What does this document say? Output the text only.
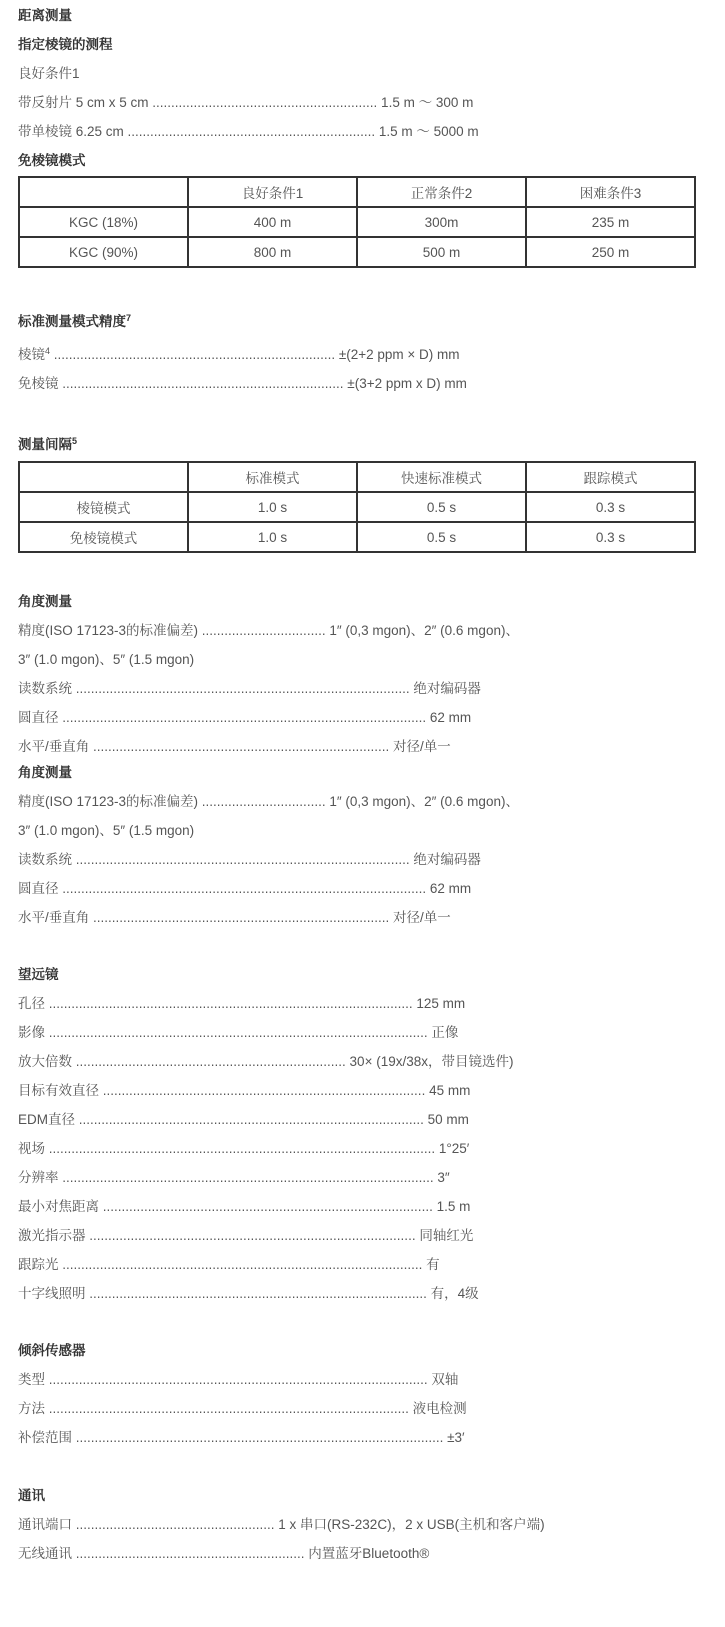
距离测量
指定棱镜的测程
良好条件1
带反射片 5 cm x 5 cm ............................................................ 1.5 m ～ 300 m
带单棱镜 6.25 cm .................................................................. 1.5 m ～ 5000 m
免棱镜模式
	良好条件1	正常条件2	困难条件3
KGC (18%)	400 m	300m	235 m
KGC (90%)	800 m	500 m	250 m
标准测量模式精度$^7$
棱镜$^4$ ........................................................................... ±(2+2 ppm × D) mm
免棱镜 ........................................................................... ±(3+2 ppm x D) mm
测量间隔$^5$
	标准模式	快速标准模式	跟踪模式
棱镜模式	1.0 s	0.5 s	0.3 s
免棱镜模式	1.0 s	0.5 s	0.3 s
角度测量
精度(ISO 17123-3的标准偏差) ................................. 1″ (0,3 mgon)、2″ (0.6 mgon)、
3″ (1.0 mgon)、5″ (1.5 mgon)
读数系统 ......................................................................................... 绝对编码器
圆直径 ................................................................................................. 62 mm
水平/垂直角 ............................................................................... 对径/单一
角度测量
精度(ISO 17123-3的标准偏差) ................................. 1″ (0,3 mgon)、2″ (0.6 mgon)、
3″ (1.0 mgon)、5″ (1.5 mgon)
读数系统 ......................................................................................... 绝对编码器
圆直径 ................................................................................................. 62 mm
水平/垂直角 ............................................................................... 对径/单一
望远镜
孔径 ................................................................................................. 125 mm
影像 ..................................................................................................... 正像
放大倍数 ........................................................................ 30× (19x/38x，带目镜选件)
目标有效直径 ...................................................................................... 45 mm
EDM直径 ............................................................................................ 50 mm
视场 ....................................................................................................... 1°25′
分辨率 ................................................................................................... 3″
最小对焦距离 ........................................................................................ 1.5 m
激光指示器 ....................................................................................... 同轴红光
跟踪光 ................................................................................................ 有
十字线照明 .......................................................................................... 有，4级
倾斜传感器
类型 ..................................................................................................... 双轴
方法 ................................................................................................ 液电检测
补偿范围 .................................................................................................. ±3′
通讯
通讯端口 ..................................................... 1 x 串口(RS-232C)，2 x USB(主机和客户端)
无线通讯 ............................................................. 内置蓝牙Bluetooth®
